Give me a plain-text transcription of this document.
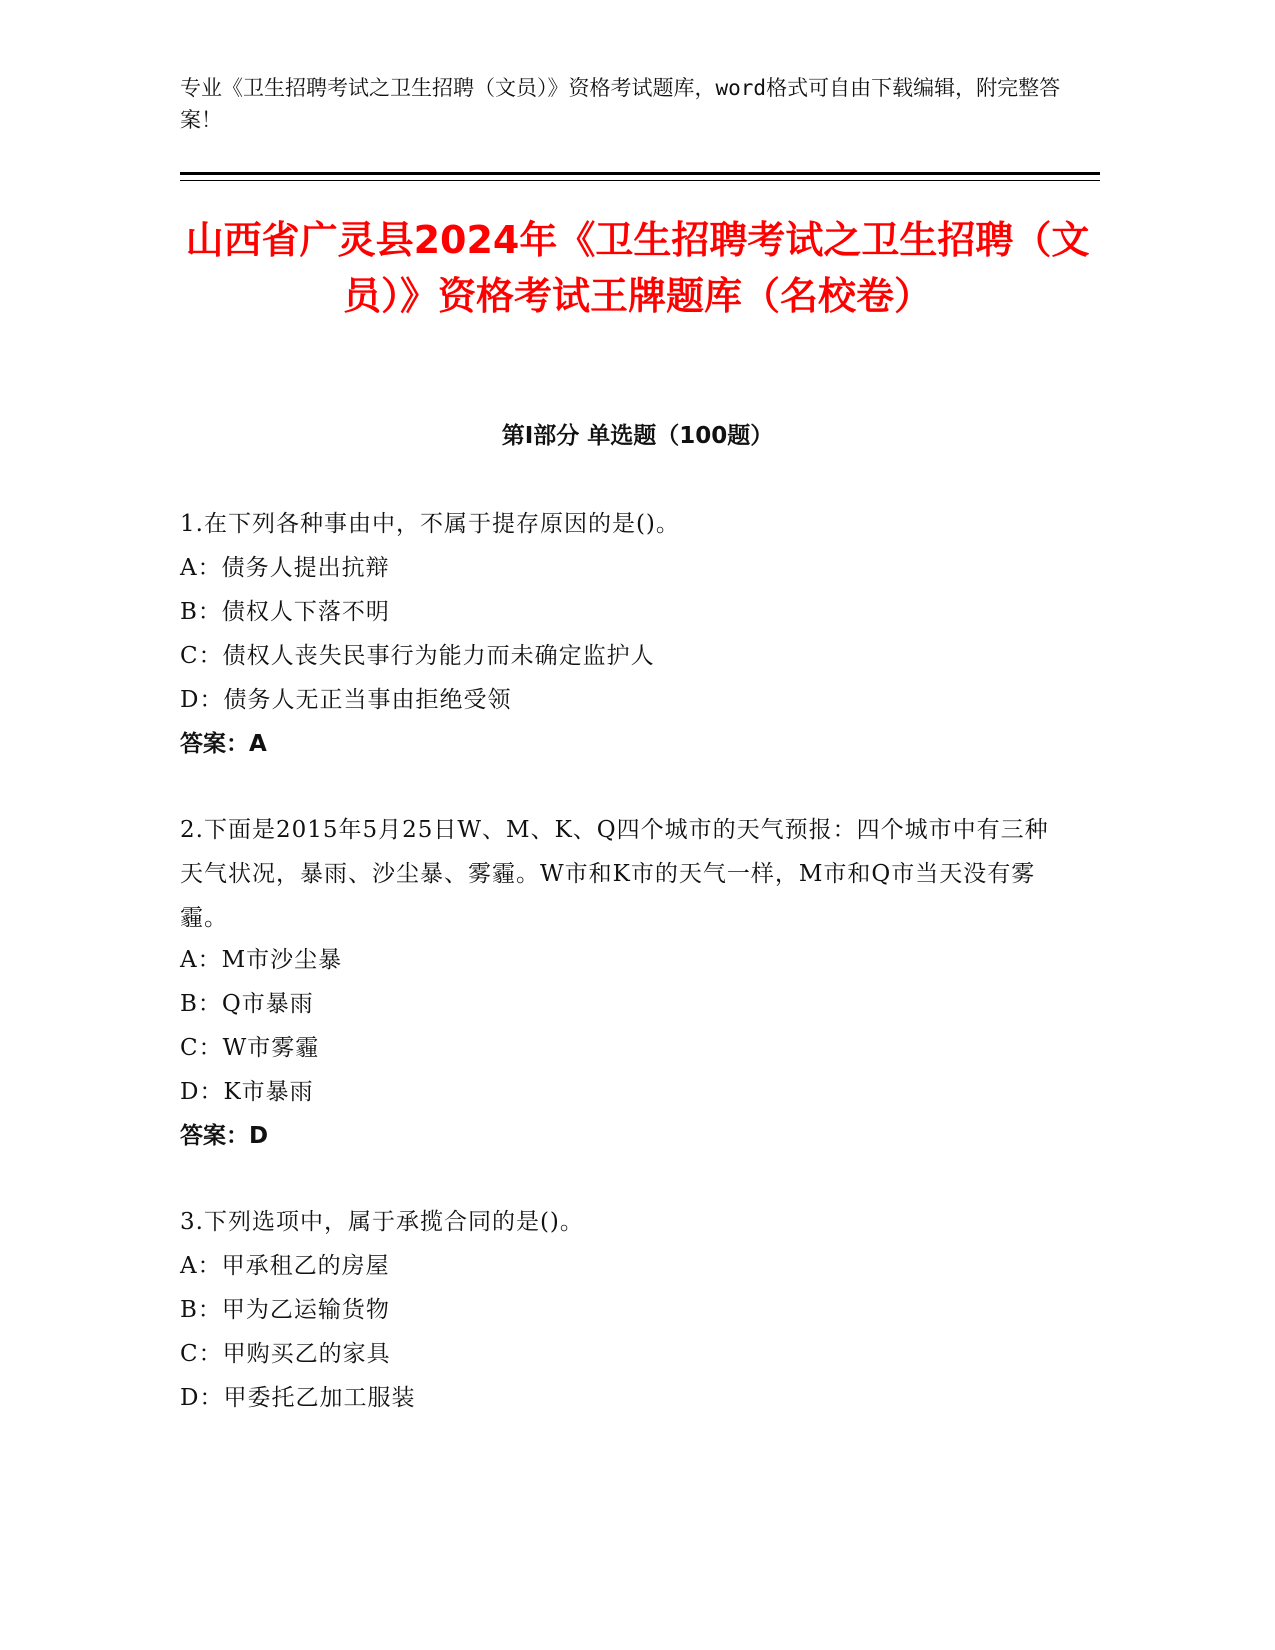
专业《卫生招聘考试之卫生招聘（文员）》资格考试题库，word格式可自由下载编辑，附完整答案！
山西省广灵县2024年《卫生招聘考试之卫生招聘（文员）》资格考试王牌题库（名校卷）
第I部分 单选题（100题）
1.在下列各种事由中，不属于提存原因的是()。
A：债务人提出抗辩
B：债权人下落不明
C：债权人丧失民事行为能力而未确定监护人
D：债务人无正当事由拒绝受领
答案：A
2.下面是2015年5月25日W、M、K、Q四个城市的天气预报：四个城市中有三种天气状况，暴雨、沙尘暴、雾霾。W市和K市的天气一样，M市和Q市当天没有雾霾。
A：M市沙尘暴
B：Q市暴雨
C：W市雾霾
D：K市暴雨
答案：D
3.下列选项中，属于承揽合同的是()。
A：甲承租乙的房屋
B：甲为乙运输货物
C：甲购买乙的家具
D：甲委托乙加工服装
